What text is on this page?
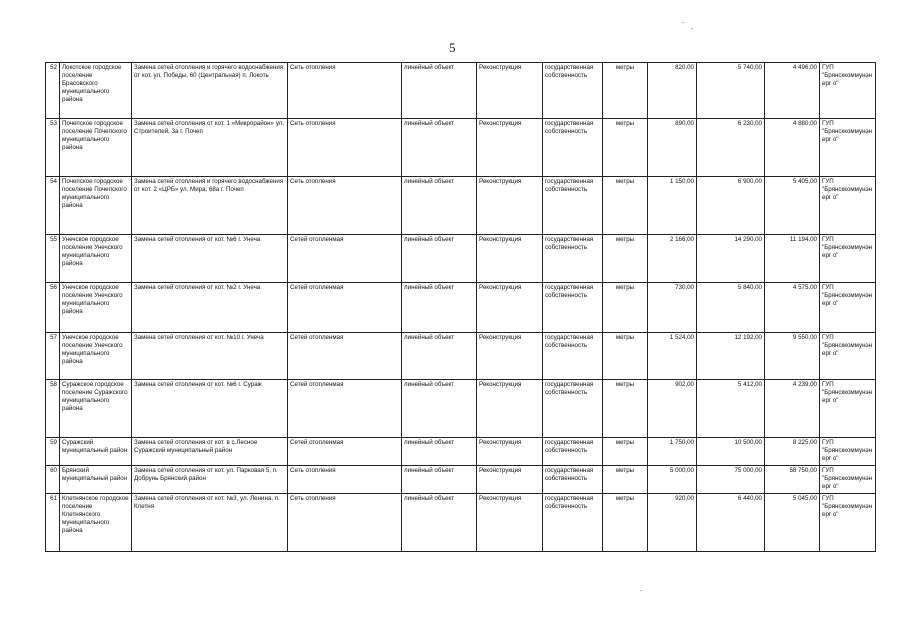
5
52	Локотское городское поселение Брасовского муниципального района	Замена сетей отопления и горячего водоснабжения от кот. ул. Победы, 60 (Центральная) п. Локоть	Сеть отопления	линейный объект	Реконструкция	государственная собственность	метры	820,00	5 740,00	4 496,00	ГУП "Брянсккоммунэнерг о"
53	Почепское городское поселение Почепского муниципального района	Замена сетей отопления от кот. 1 «Микрорайон» ул. Строителей, 3а г. Почеп	Сеть отопления	линейный объект	Реконструкция	государственная собственность	метры	890,00	6 230,00	4 880,00	ГУП "Брянсккоммунэнерг о"
54	Почепское городское поселение Почепского муниципального района	Замена сетей отопления и горячего водоснабжения от кот. 2 «ЦРБ» ул. Мира, 68а г. Почеп	Сеть отопления	линейный объект	Реконструкция	государственная собственность	метры	1 150,00	6 900,00	5 405,00	ГУП "Брянсккоммунэнерг о"
55	Унечское городское поселение Унечского муниципального района	Замена сетей отопления от кот. №6 г. Унеча	Сетей отопленмая	линейный объект	Реконструкция	государственная собственность	метры	2 166,00	14 290,00	11 194,00	ГУП "Брянсккоммунэнерг о"
56	Унечское городское поселение Унечского муниципального района	Замена сетей отопления от кот. №2 г. Унеча	Сетей отопленмая	линейный объект	Реконструкция	государственная собственность	метры	730,00	5 840,00	4 575,00	ГУП "Брянсккоммунэнерг о"
57	Унечское городское поселение Унечского муниципального района	Замена сетей отопления от кот. №10 г. Унеча	Сетей отопленмая	линейный объект	Реконструкция	государственная собственность	метры	1 524,00	12 192,00	9 550,00	ГУП "Брянсккоммунэнерг о"
58	Суражское городское поселение Суражского муниципального района	Замена сетей отопления от кот. №6 г. Сураж	Сетей отопленмая	линейный объект	Реконструкция	государственная собственность	метры	902,00	5 412,00	4 239,00	ГУП "Брянсккоммунэнерг о"
59	Суражский муниципальный район	Замена сетей отопления от кот. в с.Лесное Суражский муниципальный район	Сетей отопленмая	линейный объект	Реконструкция	государственная собственность	метры	1 750,00	10 500,00	8 225,00	ГУП "Брянсккоммунэнерг о"
60	Брянский муниципальный район	Замена сетей отопления от кот. ул. Парковая 5, п. Добрунь Брянский район	Сеть отопления	линейный объект	Реконструкция	государственная собственность	метры	5 000,00	75 000,00	58 750,00	ГУП "Брянсккоммунэнерг о"
61	Клетнянское городское поселение Клетнянского муниципального района	Замена сетей отопления от кот. №3, ул. Ленина, п. Клетня	Сеть отопления	линейный объект	Реконструкция	государственная собственность	метры	920,00	6 440,00	5 045,00	ГУП "Брянсккоммунэнерг о"
